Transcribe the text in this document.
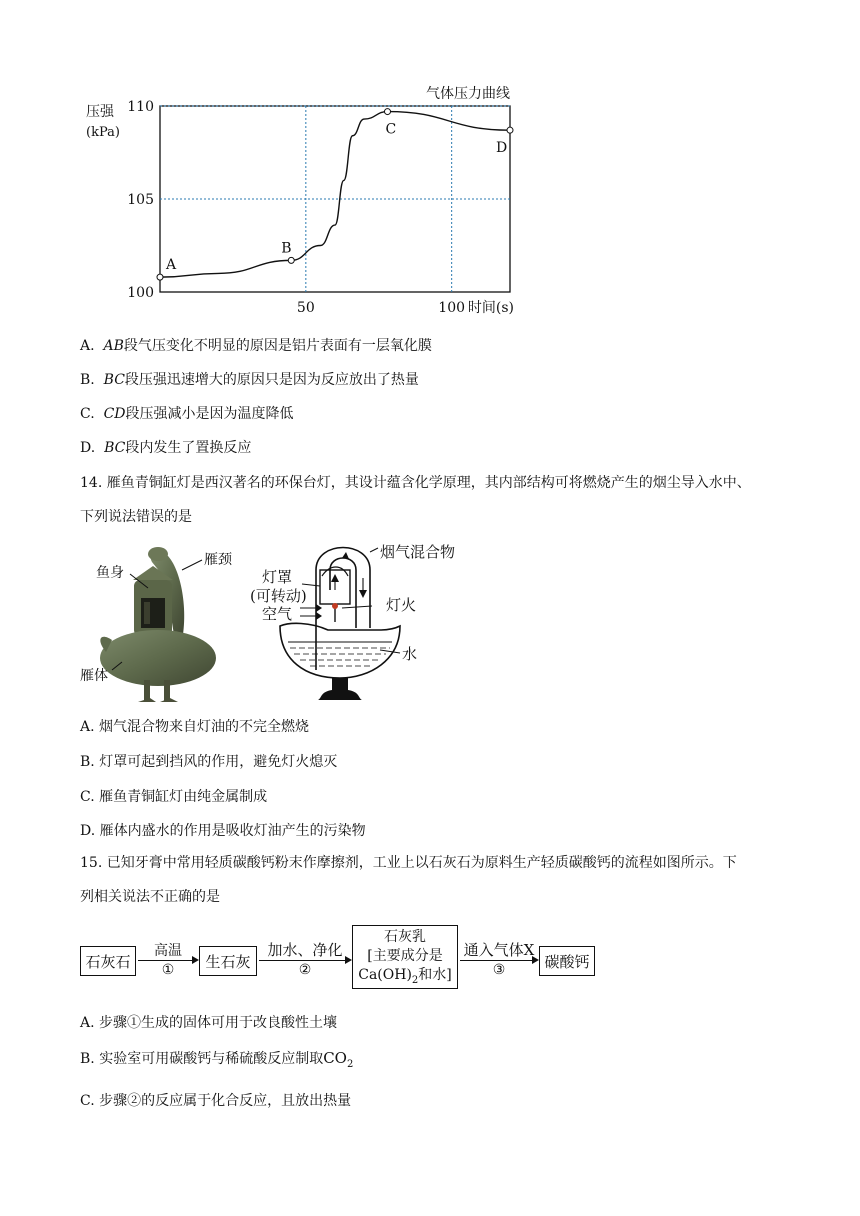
100
105
110
50	100 时间(s)
压强
(kPa)
气体压力曲线
A
B
C
D
A. AB段气压变化不明显的原因是铝片表面有一层氧化膜
B. BC段压强迅速增大的原因只是因为反应放出了热量
C. CD段压强减小是因为温度降低
D. BC段内发生了置换反应
14. 雁鱼青铜缸灯是西汉著名的环保台灯，其设计蕴含化学原理，其内部结构可将燃烧产生的烟尘导入水中、
下列说法错误的是
鱼身
雁颈
雁体
烟气混合物
灯罩
(可转动)
空气	灯火
水
A. 烟气混合物来自灯油的不完全燃烧
B. 灯罩可起到挡风的作用，避免灯火熄灭
C. 雁鱼青铜缸灯由纯金属制成
D. 雁体内盛水的作用是吸收灯油产生的污染物
15. 已知牙膏中常用轻质碳酸钙粉末作摩擦剂，工业上以石灰石为原料生产轻质碳酸钙的流程如图所示。下
列相关说法不正确的是
石灰石
高温
①	生石灰
加水、净化
②
石灰乳
[主要成分是
$Ca(OH)_2$和水]
通入气体X
③	碳酸钙
A. 步骤①生成的固体可用于改良酸性土壤
B. 实验室可用碳酸钙与稀硫酸反应制取$CO_2$
C. 步骤②的反应属于化合反应，且放出热量
